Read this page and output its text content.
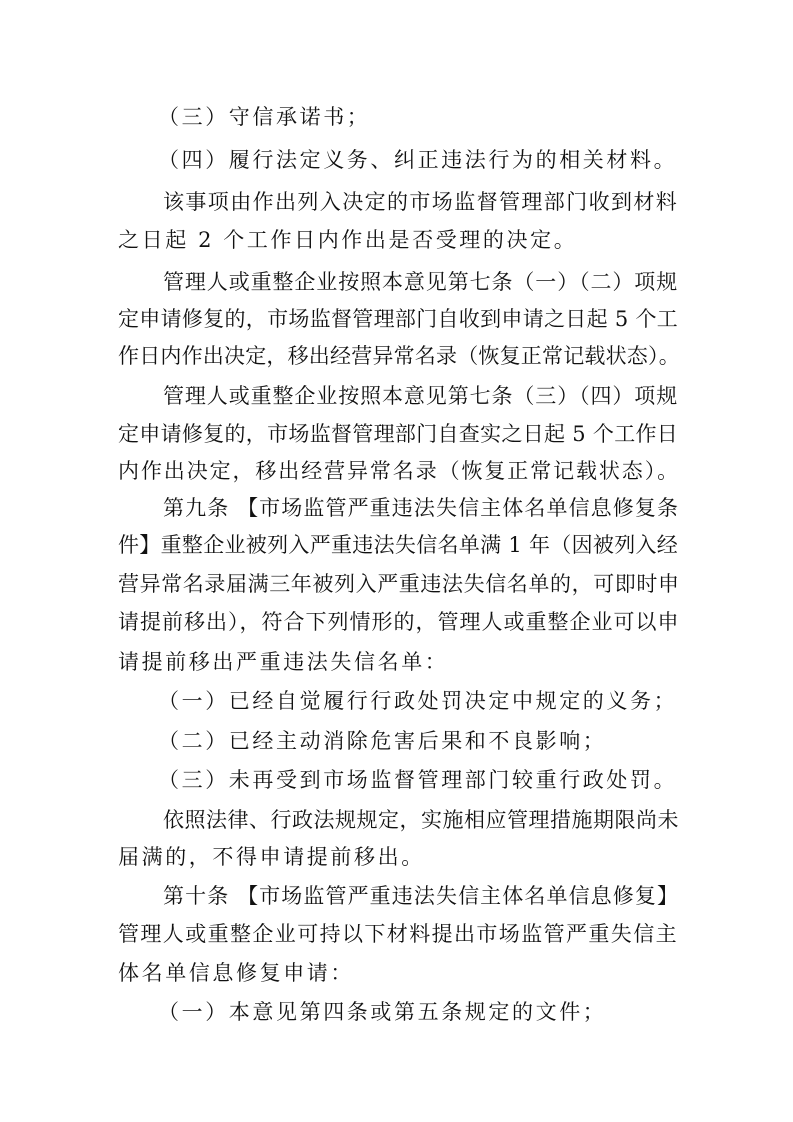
（三）守信承诺书；
（四）履行法定义务、纠正违法行为的相关材料。
该事项由作出列入决定的市场监督管理部门收到材料
之日起 2 个工作日内作出是否受理的决定。
管理人或重整企业按照本意见第七条（一）（二）项规
定申请修复的，市场监督管理部门自收到申请之日起 5 个工
作日内作出决定，移出经营异常名录（恢复正常记载状态）。
管理人或重整企业按照本意见第七条（三）（四）项规
定申请修复的，市场监督管理部门自查实之日起 5 个工作日
内作出决定，移出经营异常名录（恢复正常记载状态）。
第九条 【市场监管严重违法失信主体名单信息修复条
件】重整企业被列入严重违法失信名单满 1 年（因被列入经
营异常名录届满三年被列入严重违法失信名单的，可即时申
请提前移出），符合下列情形的，管理人或重整企业可以申
请提前移出严重违法失信名单：
（一）已经自觉履行行政处罚决定中规定的义务；
（二）已经主动消除危害后果和不良影响；
（三）未再受到市场监督管理部门较重行政处罚。
依照法律、行政法规规定，实施相应管理措施期限尚未
届满的，不得申请提前移出。
第十条 【市场监管严重违法失信主体名单信息修复】
管理人或重整企业可持以下材料提出市场监管严重失信主
体名单信息修复申请：
（一）本意见第四条或第五条规定的文件；
